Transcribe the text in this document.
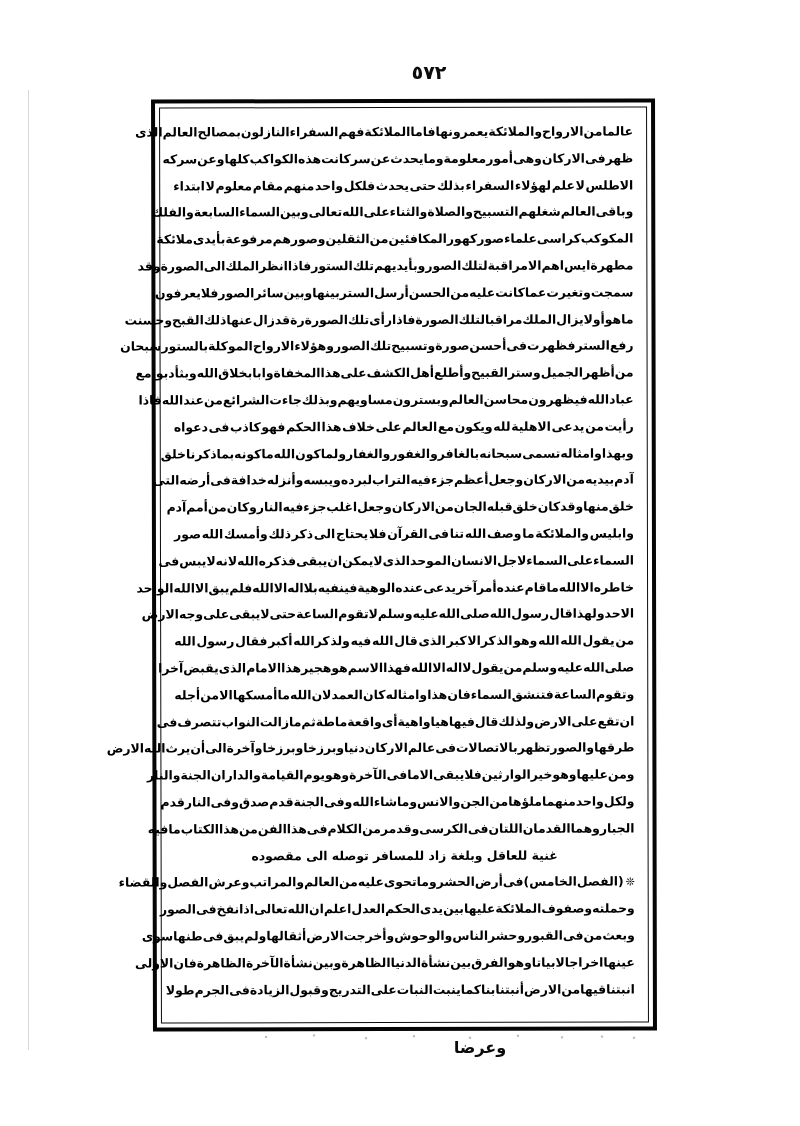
٥٧٢
عالما
من
الارواح
والملائكة
يعمرونها
فاما
الملائكة
فهم
السفراء
النازلون
بمصالح
العالم
الذى
ظهر
فى
الاركان
وهى
أمور
معلومة
وما
يحدث
عن
سر
كانت
هذه
الكواكب
كلها
وعن
سر
كه
الاطلس
لا
علم
لهؤلاء
السفراء
بذلك
حتى
يحدث
فلكل
واحد
منهم
مقام
معلوم
لا
ابتداء
وباقى
العالم
شغلهم
التسبيح
والصلاة
والثناء
على
الله
تعالى
وبين
السماء
السابعة
والفلك
المكوكب
كراسى
علماء
صور
كهو
رالمكافئين
من
الثقلين
وصورهم
مرفوعة
بأيدى
ملائكة
مطهرة
ايس
اهم
الامر
اقبة
لتلك
الصور
وبأيديهم
تلك
الستور
فاذا
انظر
الملك
الى
الصورة
وقد
سمجت
وتغيرت
عما
كانت
عليه
من
الحسن
أرسل
الستر
بينها
وبين
سائر
الصور
فلا
يعرفون
ما
هو
أولا
يزال
الملك
مراقبا
لتلك
الصورة
فاذا
رأى
تلك
الصورة
رة
قد
زال
عنها
ذلك
القبح
وحسنت
رفع
الستر
فظهرت
فى
أحسن
صورة
وتسبيح
تلك
الصور
وهؤلاء
الارواح
الموكلة
بالستور
سبحان
من
أظهر
الجميل
وستر
القبيح
وأطلع
أهل
الكشف
على
هذا
المخفاة
وابا
بخلاق
الله
وبثأدبوا
مع
عباد
الله
فيظهرون
محاسن
العالم
و
بسترون
مساويهم
وبذلك
جاءت
الشرائع
من
عند
الله
فاذا
رأيت
من
يدعى
الاهلية
لله
ويكون
مع
العالم
على
خلاف
هذا
الحكم
فهو
كاذب
فى
دعواه
وبهذا
وامثاله
تسمى
سبحانه
بالغافر
والغفور
والغفار
ولما
كون
الله
ما
كونه
بما
ذ
كرنا
خلق
آدم
بيديه
من
الاركان
وجعل
أعظم
جزء
فيه
التراب
لبرده
ويبسه
وأنزله
خدا
فة
فى
أرضه
التى
خلق
منها
وقد
كان
خلق
قبله
الجان
من
الاركان
وجعل
اغلب
جزء
فيه
النار
وكان
من
أمم
آدم
وابليس
والملائكة
ما
وصف
الله
تنا
فى
القرآن
فلا
يحتاج
الى
ذكر
ذلك
وأمسك
الله
صور
السماء
على
السماء
لاجل
الانسان
الموحد
الذى
لا
يمكن
ان
يبقى
فذ
كره
الله
لانه
لا
يبس
فى
خاطره
الا
الله
ما
قام
عنده
أمر
آخر
يدعى
عنده
الوهية
فينفيه
بلا
اله
الا
الله
فلم
يبق
الا
الله
الواحد
الاحد
ولهذا
قال
رسول
الله
صلى
الله
عليه
وسلم
لا
تقوم
الساعة
حتى
لا
يبقى
على
وجه
الارض
من
يقول
الله
الله
وهو
الذ
كرالا
كبر
الذى
قال
الله
فيه
ولذ
كرالله
أكبر
فقال
رسول
الله
صلى
الله
عليه
وسلم
من
يقول
لا
اله
الا
الله
فهذا
الاسم
هو
هجير
هذا
الامام
الذى
يقبض
آخرا
وتقوم
الساعة
فتنشق
السماء
فان
هذا
وامثاله
كان
العمد
لان
الله
ما
أمسكها
الا
من
أجله
ان
تقع
على
الارض
ولذلك
قال
فيها
هياواهية
أى
واقعة
ماطة
ثم
ما
زالت
النواب
تتصرف
فى
طرقها
والصور
تظهر
بالاتصالات
فى
عالم
الاركان
دنيا
وبرزخا
وبر
زخا
وآخرة
الى
أن
يرث
الله
الارض
ومن
عليها
وهو
خير
الوارثين
فلا
يبقى
الاما
فى
الآخرة
وهو
يوم
القيامة
والداران
الجنة
والنار
ولكل
واحد
منهما
ملؤها
من
الجن
والانس
وما
شاء
الله
وفى
الجنة
قدم
صدق
وفى
النار
قدم
الجبار
وهما
القدمان
اللتان
فى
الكرسى
وقد
مر
من
الكلام
فى
هذا
الفن
من
هذا
الكتاب
ما
فيه
غنية للعاقل وبلغة زاد للمسافر توصله الى مقصوده
❊
(الفصل
الخامس)
فى
أرض
الحشر
وما
تحوى
عليه
من
العالم
والمراتب
وعرش
الفصل
والقضاء
وحملته
وصفوف
الملائكة
عليها
بين
يدى
الحكم
العدل
اعلم
ان
الله
تعالى
اذا
نفخ
فى
الصور
وبعث
من
فى
القبور
وحشر
الناس
والوحوش
وأخرجت
الارض
أثقالها
ولم
يبق
فى
طنها
سوى
عينها
اخراجا
لابيا
تاوهو
الفرق
بين
نشأة
الدنيا
الظاهرة
وبين
نشأة
الآخرة
الظاهرة
فان
الاولى
انبتناقيها
من
الارض
أنبتنابنا
كما
ينبت
النبات
على
التدريج
وقبول
الزيادة
فى
الجرم
طولا
وعرضا
